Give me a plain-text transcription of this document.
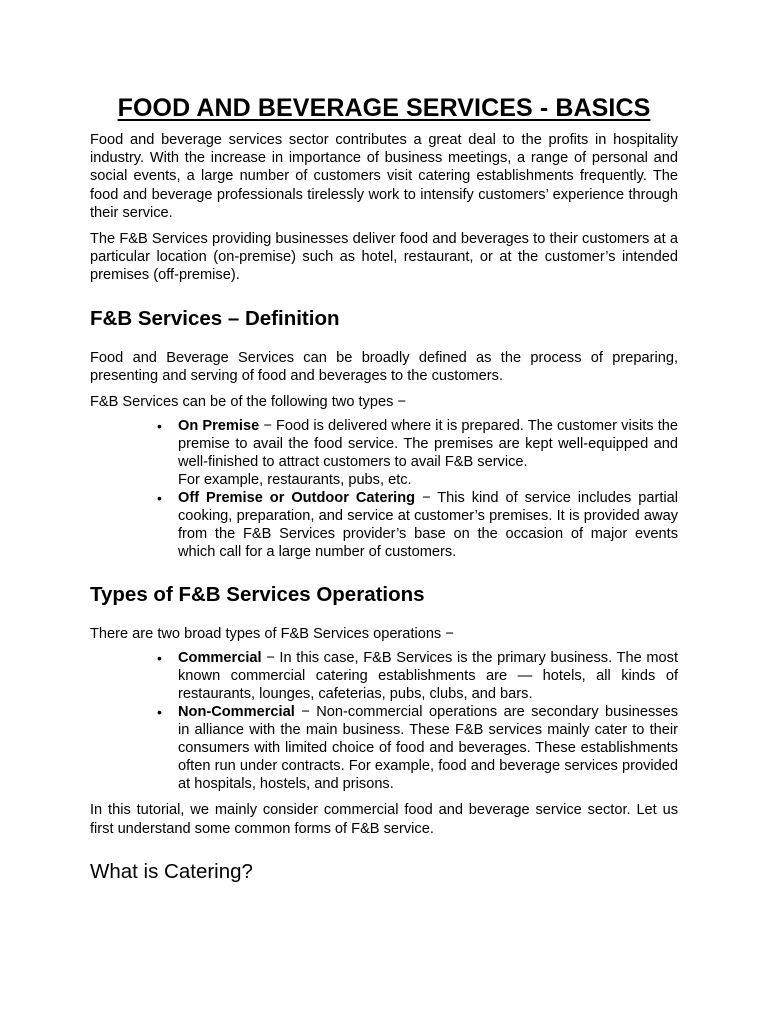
FOOD AND BEVERAGE SERVICES - BASICS

Food and beverage services sector contributes a great deal to the profits in hospitality industry. With the increase in importance of business meetings, a range of personal and social events, a large number of customers visit catering establishments frequently. The food and beverage professionals tirelessly work to intensify customers’ experience through their service.

The F&B Services providing businesses deliver food and beverages to their customers at a particular location (on-premise) such as hotel, restaurant, or at the customer’s intended premises (off-premise).

F&B Services – Definition

Food and Beverage Services can be broadly defined as the process of preparing, presenting and serving of food and beverages to the customers.

F&B Services can be of the following two types −

• On Premise − Food is delivered where it is prepared. The customer visits the premise to avail the food service. The premises are kept well-equipped and well-finished to attract customers to avail F&B service.
For example, restaurants, pubs, etc.
• Off Premise or Outdoor Catering − This kind of service includes partial cooking, preparation, and service at customer’s premises. It is provided away from the F&B Services provider’s base on the occasion of major events which call for a large number of customers.
Types of F&B Services Operations

There are two broad types of F&B Services operations −

• Commercial − In this case, F&B Services is the primary business. The most known commercial catering establishments are — hotels, all kinds of restaurants, lounges, cafeterias, pubs, clubs, and bars.
• Non-Commercial − Non-commercial operations are secondary businesses in alliance with the main business. These F&B services mainly cater to their consumers with limited choice of food and beverages. These establishments often run under contracts. For example, food and beverage services provided at hospitals, hostels, and prisons.

In this tutorial, we mainly consider commercial food and beverage service sector. Let us first understand some common forms of F&B service.

What is Catering?
